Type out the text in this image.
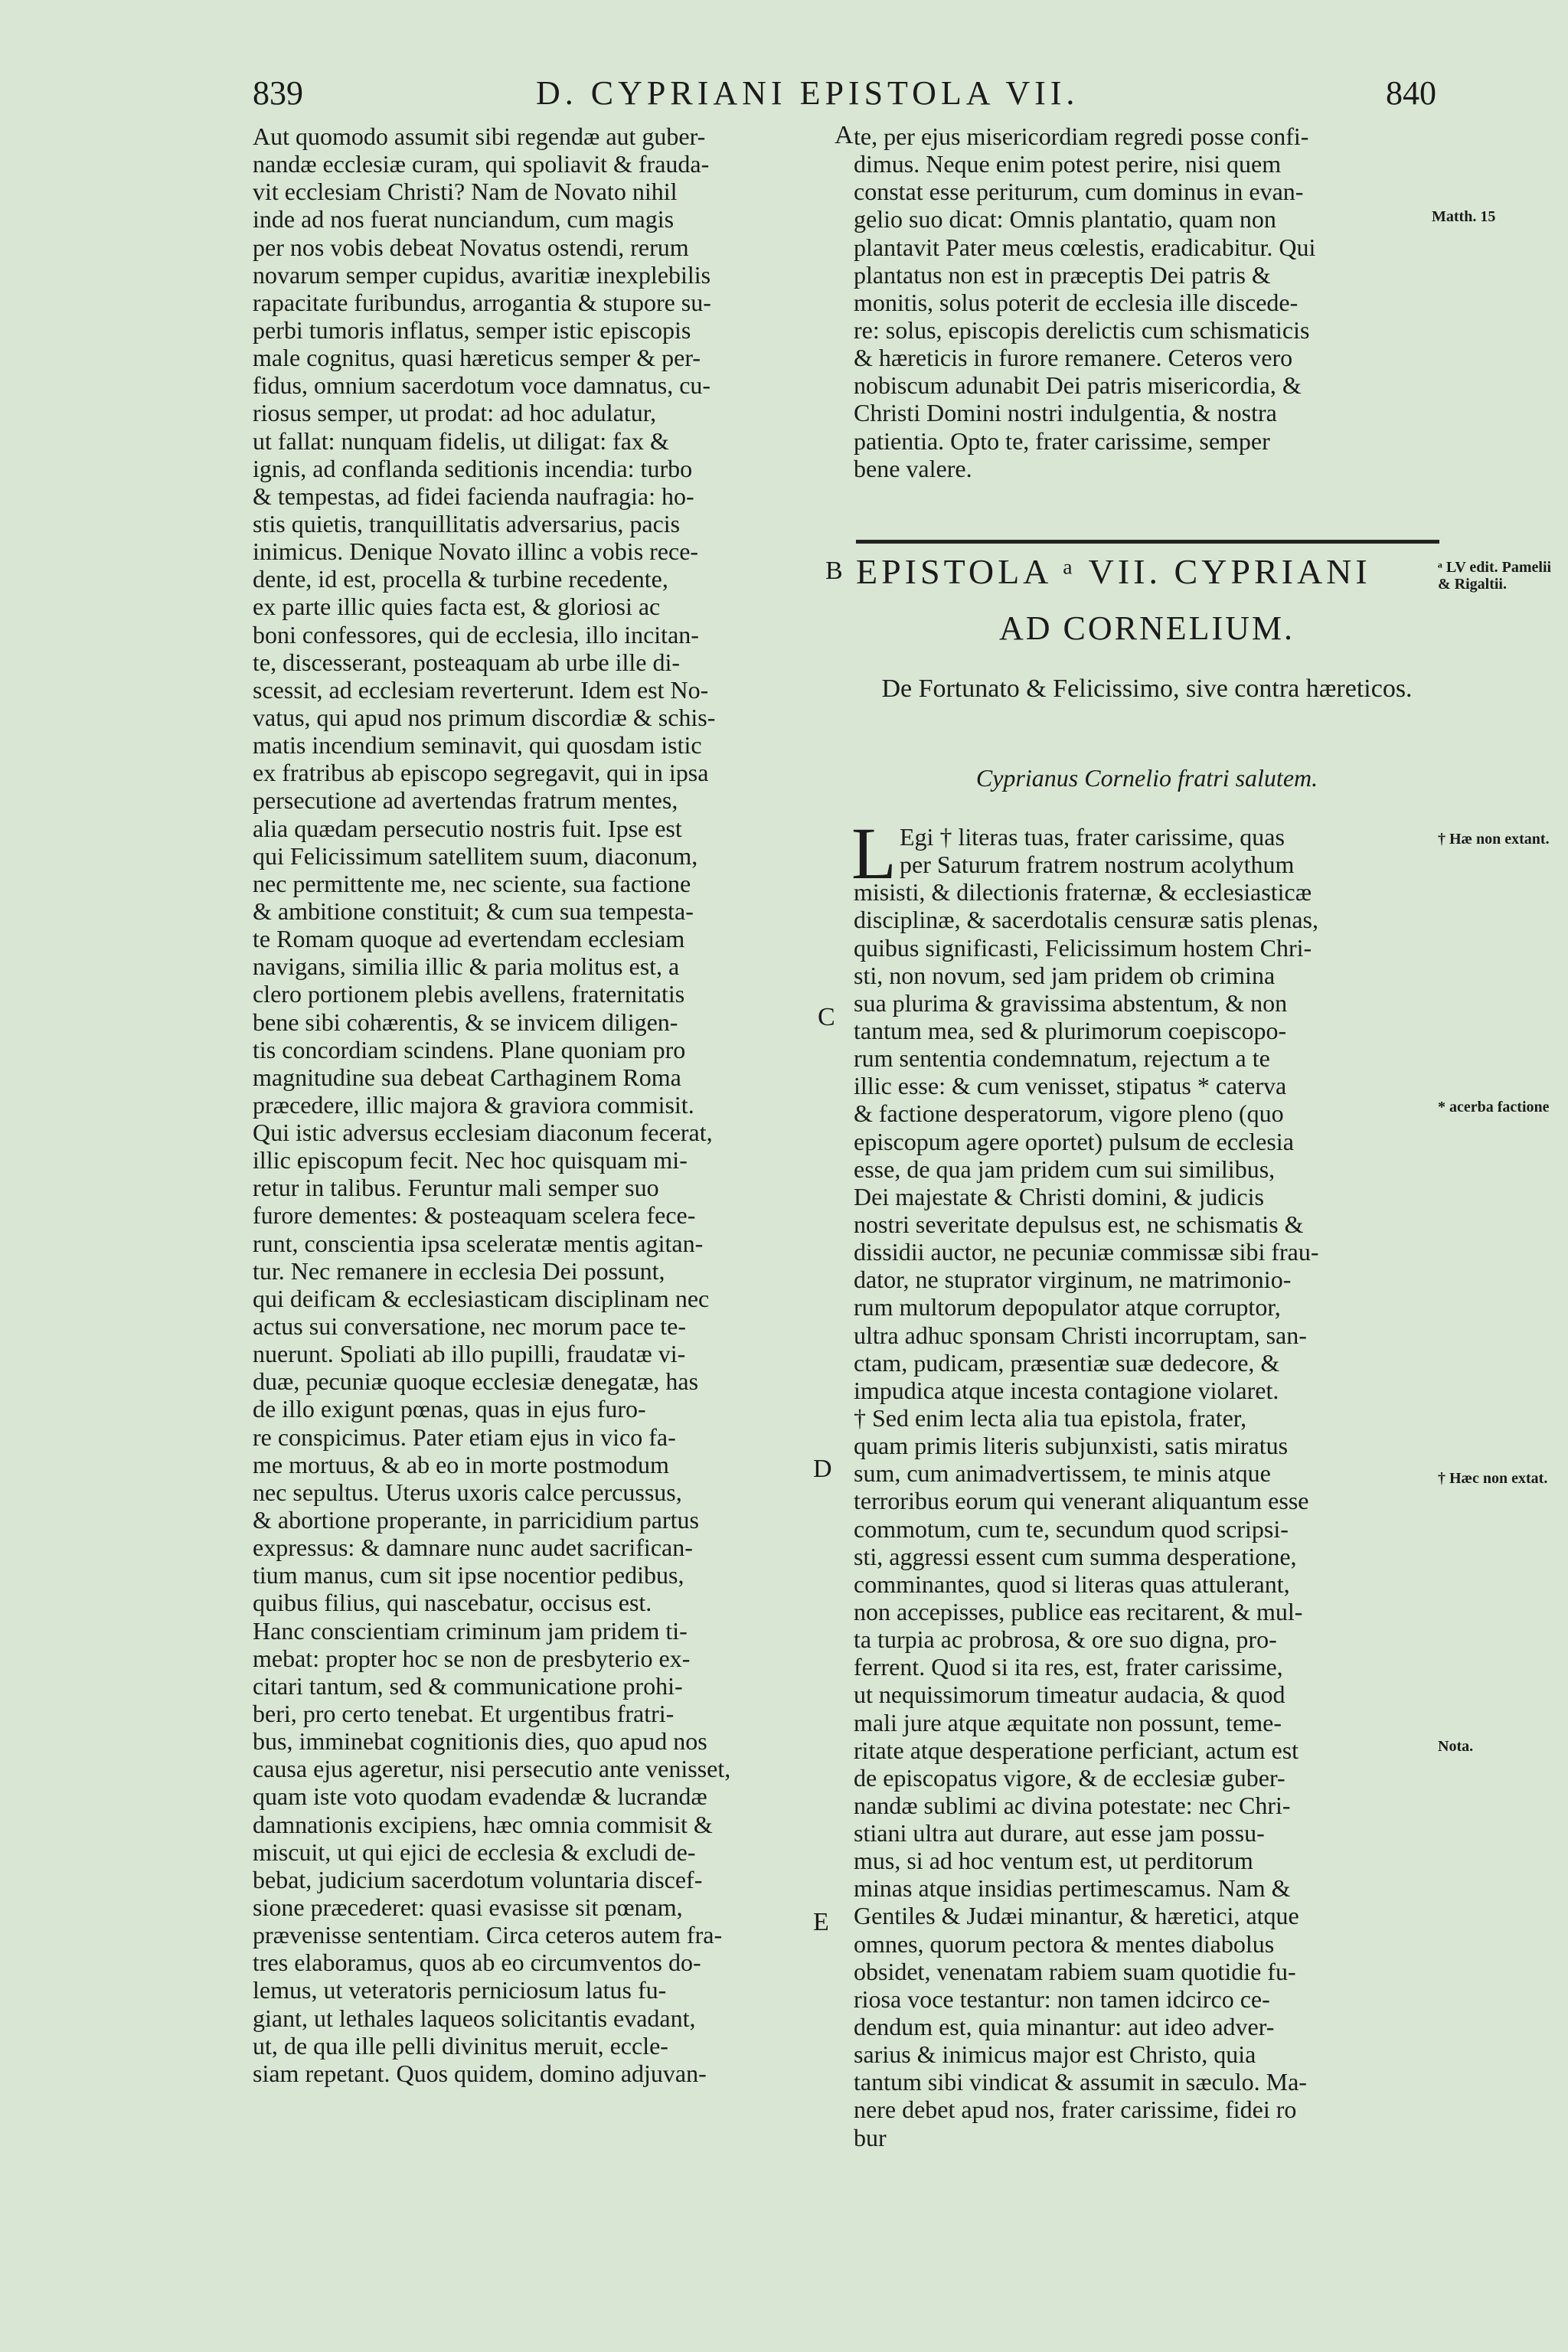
839	D. CYPRIANI EPISTOLA VII.	840
Aut quomodo assumit sibi regendæ aut guber-
nandæ ecclesiæ curam, qui spoliavit & frauda-
vit ecclesiam Christi? Nam de Novato nihil
inde ad nos fuerat nunciandum, cum magis
per nos vobis debeat Novatus ostendi, rerum
novarum semper cupidus, avaritiæ inexplebilis
rapacitate furibundus, arrogantia & stupore su-
perbi tumoris inflatus, semper istic episcopis
male cognitus, quasi hæreticus semper & per-
fidus, omnium sacerdotum voce damnatus, cu-
riosus semper, ut prodat: ad hoc adulatur,
ut fallat: nunquam fidelis, ut diligat: fax &
ignis, ad conflanda seditionis incendia: turbo
& tempestas, ad fidei facienda naufragia: ho-
stis quietis, tranquillitatis adversarius, pacis
inimicus. Denique Novato illinc a vobis rece-
dente, id est, procella & turbine recedente,
ex parte illic quies facta est, & gloriosi ac
boni confessores, qui de ecclesia, illo incitan-
te, discesserant, posteaquam ab urbe ille di-
scessit, ad ecclesiam reverterunt. Idem est No-
vatus, qui apud nos primum discordiæ & schis-
matis incendium seminavit, qui quosdam istic
ex fratribus ab episcopo segregavit, qui in ipsa
persecutione ad avertendas fratrum mentes,
alia quædam persecutio nostris fuit. Ipse est
qui Felicissimum satellitem suum, diaconum,
nec permittente me, nec sciente, sua factione
& ambitione constituit; & cum sua tempesta-
te Romam quoque ad evertendam ecclesiam
navigans, similia illic & paria molitus est, a
clero portionem plebis avellens, fraternitatis
bene sibi cohærentis, & se invicem diligen-
tis concordiam scindens. Plane quoniam pro
magnitudine sua debeat Carthaginem Roma
præcedere, illic majora & graviora commisit.
Qui istic adversus ecclesiam diaconum fecerat,
illic episcopum fecit. Nec hoc quisquam mi-
retur in talibus. Feruntur mali semper suo
furore dementes: & posteaquam scelera fece-
runt, conscientia ipsa sceleratæ mentis agitan-
tur. Nec remanere in ecclesia Dei possunt,
qui deificam & ecclesiasticam disciplinam nec
actus sui conversatione, nec morum pace te-
nuerunt. Spoliati ab illo pupilli, fraudatæ vi-
duæ, pecuniæ quoque ecclesiæ denegatæ, has
de illo exigunt pœnas, quas in ejus furo-
re conspicimus. Pater etiam ejus in vico fa-
me mortuus, & ab eo in morte postmodum
nec sepultus. Uterus uxoris calce percussus,
& abortione properante, in parricidium partus
expressus: & damnare nunc audet sacrifican-
tium manus, cum sit ipse nocentior pedibus,
quibus filius, qui nascebatur, occisus est.
Hanc conscientiam criminum jam pridem ti-
mebat: propter hoc se non de presbyterio ex-
citari tantum, sed & communicatione prohi-
beri, pro certo tenebat. Et urgentibus fratri-
bus, imminebat cognitionis dies, quo apud nos
causa ejus ageretur, nisi persecutio ante venisset,
quam iste voto quodam evadendæ & lucrandæ
damnationis excipiens, hæc omnia commisit &
miscuit, ut qui ejici de ecclesia & excludi de-
bebat, judicium sacerdotum voluntaria discef-
sione præcederet: quasi evasisse sit pœnam,
prævenisse sententiam. Circa ceteros autem fra-
tres elaboramus, quos ab eo circumventos do-
lemus, ut veteratoris perniciosum latus fu-
giant, ut lethales laqueos solicitantis evadant,
ut, de qua ille pelli divinitus meruit, eccle-
siam repetant. Quos quidem, domino adjuvan-
te, per ejus misericordiam regredi posse confi-
dimus. Neque enim potest perire, nisi quem
constat esse periturum, cum dominus in evan-
gelio suo dicat: Omnis plantatio, quam non
plantavit Pater meus cœlestis, eradicabitur. Qui
plantatus non est in præceptis Dei patris &
monitis, solus poterit de ecclesia ille discede-
re: solus, episcopis derelictis cum schismaticis
& hæreticis in furore remanere. Ceteros vero
nobiscum adunabit Dei patris misericordia, &
Christi Domini nostri indulgentia, & nostra
patientia. Opto te, frater carissime, semper
bene valere.
EPISTOLA ᵃ VII. CYPRIANI
AD CORNELIUM.
De Fortunato & Felicissimo, sive contra hæreticos.
Cyprianus Cornelio fratri salutem.
L Egi † literas tuas, frater carissime, quas
per Saturum fratrem nostrum acolythum
misisti, & dilectionis fraternæ, & ecclesiasticæ
disciplinæ, & sacerdotalis censuræ satis plenas,
quibus significasti, Felicissimum hostem Chri-
sti, non novum, sed jam pridem ob crimina
sua plurima & gravissima abstentum, & non
tantum mea, sed & plurimorum coepiscopo-
rum sententia condemnatum, rejectum a te
illic esse: & cum venisset, stipatus * caterva
& factione desperatorum, vigore pleno (quo
episcopum agere oportet) pulsum de ecclesia
esse, de qua jam pridem cum sui similibus,
Dei majestate & Christi domini, & judicis
nostri severitate depulsus est, ne schismatis &
dissidii auctor, ne pecuniæ commissæ sibi frau-
dator, ne stuprator virginum, ne matrimonio-
rum multorum depopulator atque corruptor,
ultra adhuc sponsam Christi incorruptam, san-
ctam, pudicam, præsentiæ suæ dedecore, &
impudica atque incesta contagione violaret.
† Sed enim lecta alia tua epistola, frater,
quam primis literis subjunxisti, satis miratus
sum, cum animadvertissem, te minis atque
terroribus eorum qui venerant aliquantum esse
commotum, cum te, secundum quod scripsi-
sti, aggressi essent cum summa desperatione,
comminantes, quod si literas quas attulerant,
non accepisses, publice eas recitarent, & mul-
ta turpia ac probrosa, & ore suo digna, pro-
ferrent. Quod si ita res, est, frater carissime,
ut nequissimorum timeatur audacia, & quod
mali jure atque æquitate non possunt, teme-
ritate atque desperatione perficiant, actum est
de episcopatus vigore, & de ecclesiæ guber-
nandæ sublimi ac divina potestate: nec Chri-
stiani ultra aut durare, aut esse jam possu-
mus, si ad hoc ventum est, ut perditorum
minas atque insidias pertimescamus. Nam &
Gentiles & Judæi minantur, & hæretici, atque
omnes, quorum pectora & mentes diabolus
obsidet, venenatam rabiem suam quotidie fu-
riosa voce testantur: non tamen idcirco ce-
dendum est, quia minantur: aut ideo adver-
sarius & inimicus major est Christo, quia
tantum sibi vindicat & assumit in sæculo. Ma-
nere debet apud nos, frater carissime, fidei ro
bur
A
B
C
D
E
Matth. 15
ᵃ LV edit. Pamelii & Rigaltii.
† Hæ non extant.
* acerba factione
† Hæc non extat.
Nota.
